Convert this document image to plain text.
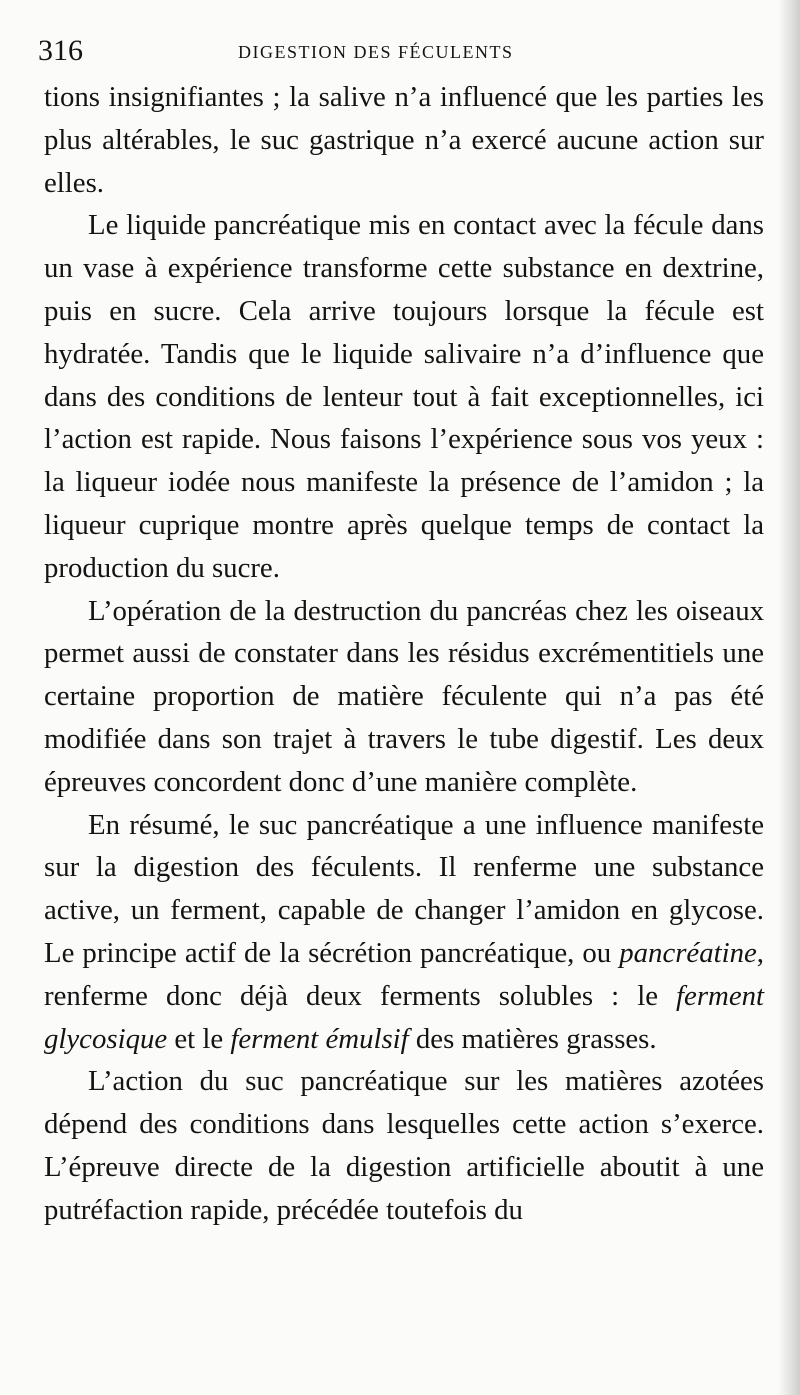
316	DIGESTION DES FÉCULENTS

tions insignifiantes ; la salive n’a influencé que les parties les plus altérables, le suc gastrique n’a exercé aucune action sur elles.

Le liquide pancréatique mis en contact avec la fécule dans un vase à expérience transforme cette substance en dextrine, puis en sucre. Cela arrive toujours lorsque la fécule est hydratée. Tandis que le liquide salivaire n’a d’influence que dans des conditions de lenteur tout à fait exceptionnelles, ici l’action est rapide. Nous faisons l’expérience sous vos yeux : la liqueur iodée nous manifeste la présence de l’amidon ; la liqueur cuprique montre après quelque temps de contact la production du sucre.

L’opération de la destruction du pancréas chez les oiseaux permet aussi de constater dans les résidus excrémentitiels une certaine proportion de matière féculente qui n’a pas été modifiée dans son trajet à travers le tube digestif. Les deux épreuves concordent donc d’une manière complète.

En résumé, le suc pancréatique a une influence manifeste sur la digestion des féculents. Il renferme une substance active, un ferment, capable de changer l’amidon en glycose. Le principe actif de la sécrétion pancréatique, ou pancréatine, renferme donc déjà deux ferments solubles : le ferment glycosique et le ferment émulsif des matières grasses.

L’action du suc pancréatique sur les matières azotées dépend des conditions dans lesquelles cette action s’exerce. L’épreuve directe de la digestion artificielle aboutit à une putréfaction rapide, précédée toutefois du
